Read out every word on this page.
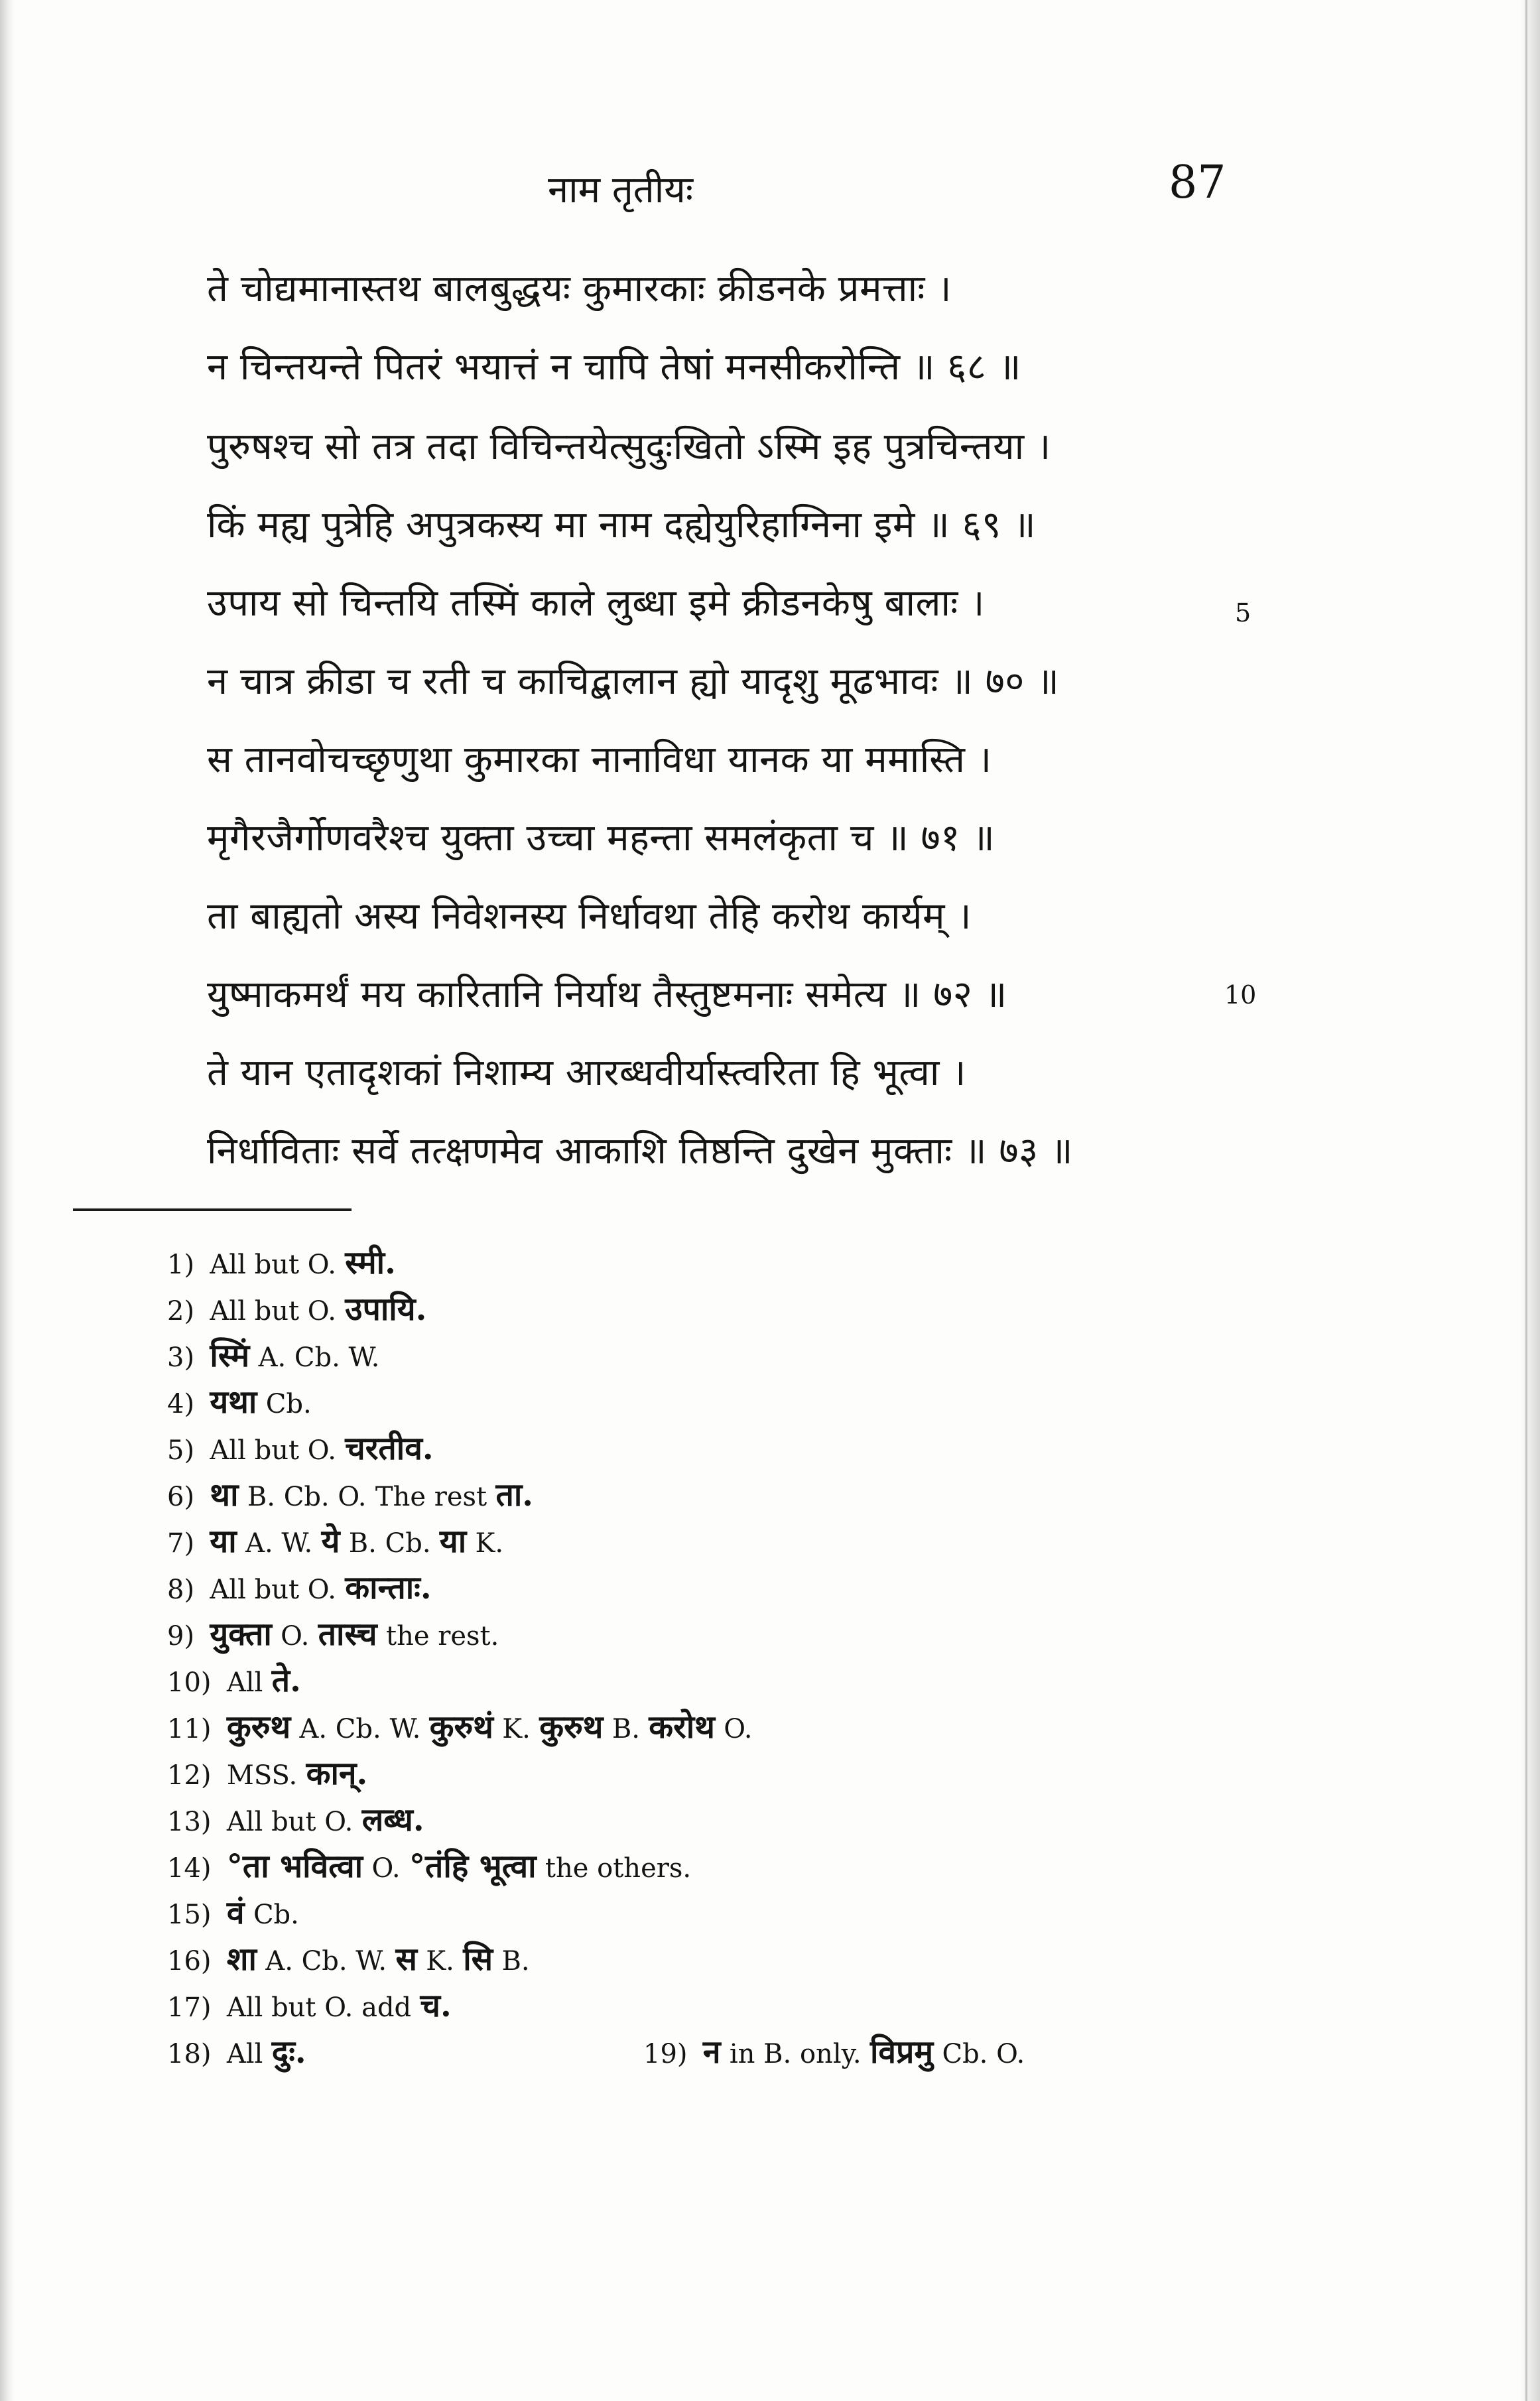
नाम तृतीयः	87
ते चोद्यमानास्तथ बालबुद्धयः कुमारकाः क्रीडनके प्रमत्ताः ।
न चिन्तयन्ते पितरं भयात्तं न चापि तेषां मनसीकरोन्ति ॥ ६८ ॥
पुरुषश्च सो तत्र तदा विचिन्तयेत्सुदुःखितो ऽस्मि इह पुत्रचिन्तया ।
किं मह्य पुत्रेहि अपुत्रकस्य मा नाम दह्येयुरिहाग्निना इमे ॥ ६९ ॥
उपाय सो चिन्तयि तस्मिं काले लुब्धा इमे क्रीडनकेषु बालाः ।
न चात्र क्रीडा च रती च काचिद्बालान ह्यो यादृशु मूढभावः ॥ ७० ॥
स तानवोचच्छृणुथा कुमारका नानाविधा यानक या ममास्ति ।
मृगैरजैर्गोणवरैश्च युक्ता उच्चा महन्ता समलंकृता च ॥ ७१ ॥
ता बाह्यतो अस्य निवेशनस्य निर्धावथा तेहि करोथ कार्यम् ।
युष्माकमर्थं मय कारितानि निर्याथ तैस्तुष्टमनाः समेत्य ॥ ७२ ॥
ते यान एतादृशकां निशाम्य आरब्धवीर्यास्त्वरिता हि भूत्वा ।
निर्धाविताः सर्वे तत्क्षणमेव आकाशि तिष्ठन्ति दुखेन मुक्ताः ॥ ७३ ॥
5
10
1) All but O. स्मी.
2) All but O. उपायि.
3) स्मिं A. Cb. W.
4) यथा Cb.
5) All but O. चरतीव.
6) था B. Cb. O. The rest ता.
7) या A. W. ये B. Cb. या K.
8) All but O. कान्ताः.
9) युक्ता O. तास्च the rest.
10) All ते.
11) कुरुथ A. Cb. W. कुरुथं K. कुरुथ B. करोथ O.
12) MSS. कान्.
13) All but O. लब्ध.
14) °ता भवित्वा O. °तंहि भूत्वा the others.
15) वं Cb.
16) शा A. Cb. W. स K. सि B.
17) All but O. add च.
18) All दुः.	19) न in B. only. विप्रमु Cb. O.
